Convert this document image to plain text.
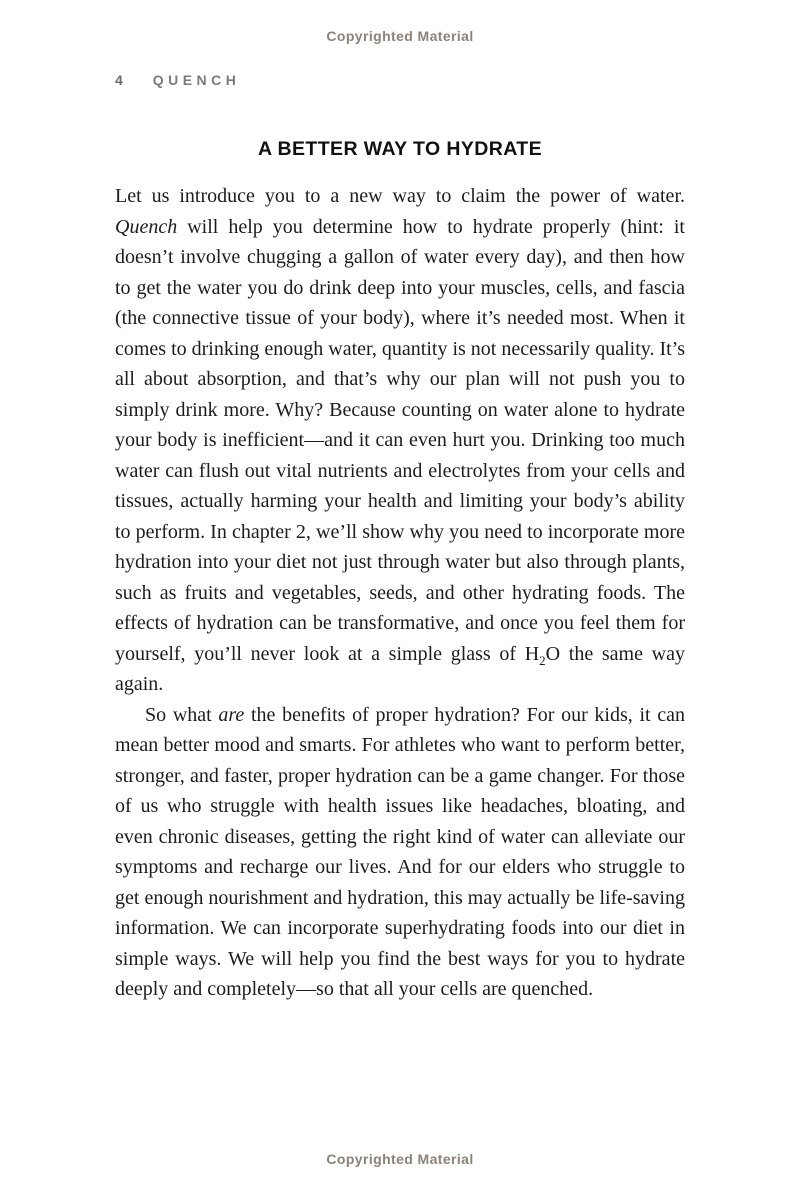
Copyrighted Material
4 QUENCH
A BETTER WAY TO HYDRATE

Let us introduce you to a new way to claim the power of water. Quench will help you determine how to hydrate properly (hint: it doesn’t involve chugging a gallon of water every day), and then how to get the water you do drink deep into your muscles, cells, and fascia (the connective tissue of your body), where it’s needed most. When it comes to drinking enough water, quantity is not necessarily quality. It’s all about absorption, and that’s why our plan will not push you to simply drink more. Why? Because counting on water alone to hydrate your body is inefficient—and it can even hurt you. Drinking too much water can flush out vital nutrients and electrolytes from your cells and tissues, actually harming your health and limiting your body’s ability to perform. In chapter 2, we’ll show why you need to incorporate more hydration into your diet not just through water but also through plants, such as fruits and vegetables, seeds, and other hydrating foods. The effects of hydration can be transformative, and once you feel them for yourself, you’ll never look at a simple glass of $H_2O$ the same way again.

So what are the benefits of proper hydration? For our kids, it can mean better mood and smarts. For athletes who want to perform better, stronger, and faster, proper hydration can be a game changer. For those of us who struggle with health issues like headaches, bloating, and even chronic diseases, getting the right kind of water can alleviate our symptoms and recharge our lives. And for our elders who struggle to get enough nourishment and hydration, this may actually be life-saving information. We can incorporate superhydrating foods into our diet in simple ways. We will help you find the best ways for you to hydrate deeply and completely—so that all your cells are quenched.

Copyrighted Material
